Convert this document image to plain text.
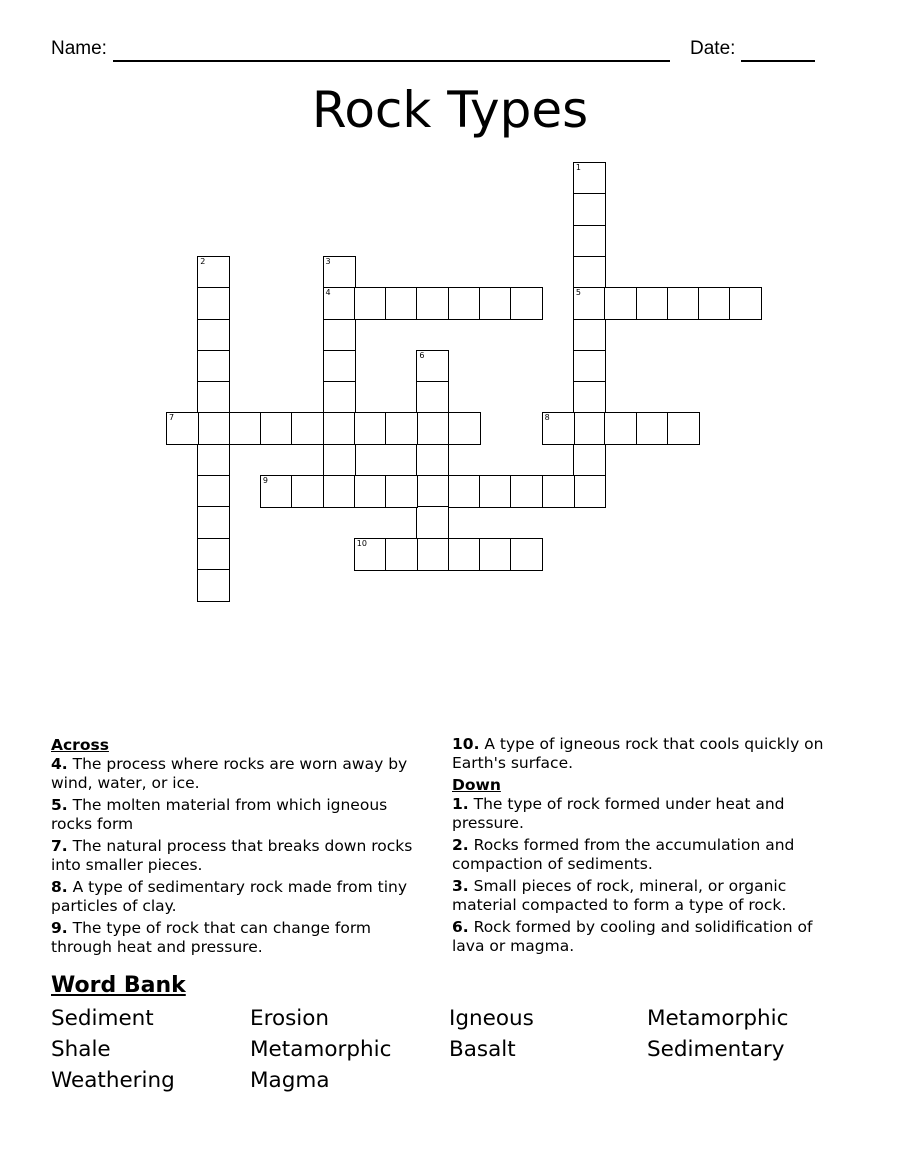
Name:	Date:
Rock Types
1
5
2	3
4
6
7	8
9
10
Across
4. The process where rocks are worn away by wind, water, or ice.
5. The molten material from which igneous rocks form
7. The natural process that breaks down rocks into smaller pieces.
8. A type of sedimentary rock made from tiny particles of clay.
9. The type of rock that can change form through heat and pressure.
10. A type of igneous rock that cools quickly on Earth's surface.
Down
1. The type of rock formed under heat and pressure.
2. Rocks formed from the accumulation and compaction of sediments.
3. Small pieces of rock, mineral, or organic material compacted to form a type of rock.
6. Rock formed by cooling and solidification of lava or magma.
Word Bank
Sediment	Erosion	Igneous	Metamorphic
Shale	Metamorphic	Basalt	Sedimentary
Weathering	Magma
